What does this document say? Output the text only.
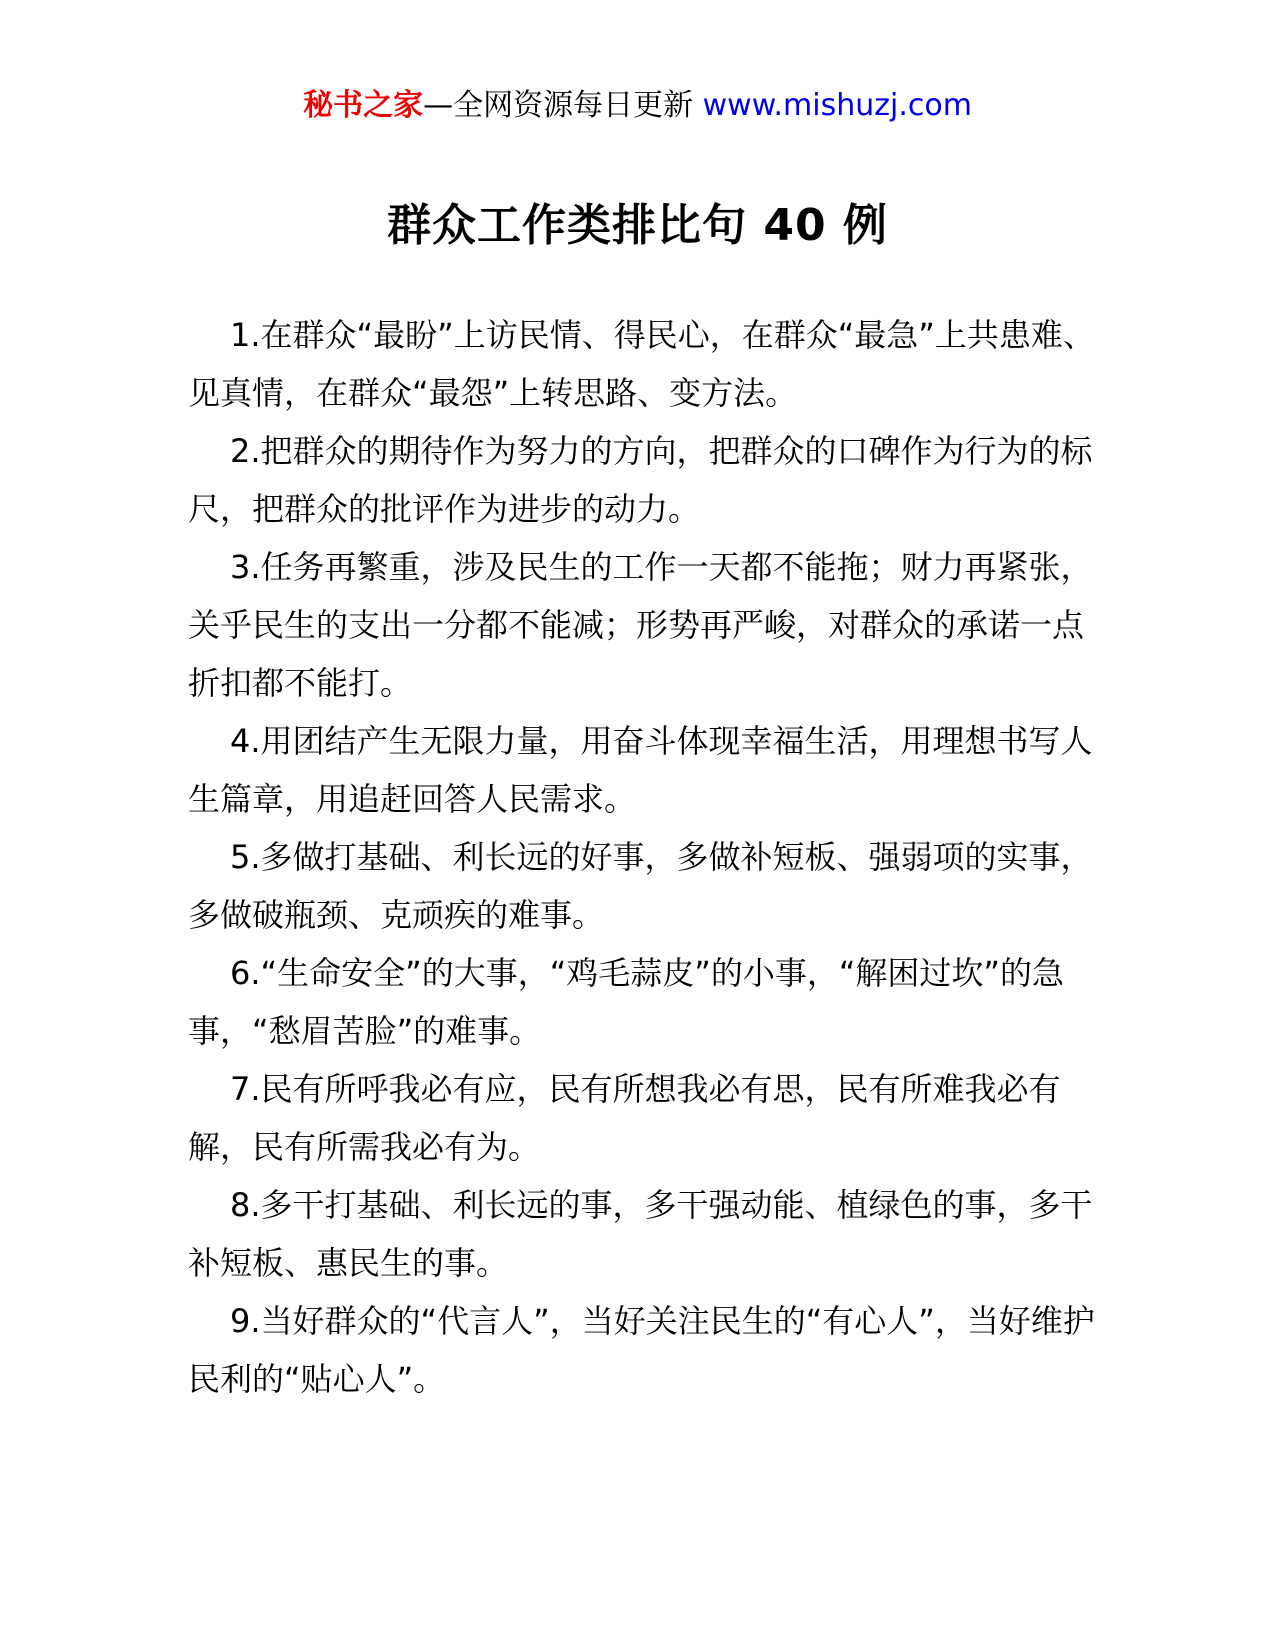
秘书之家—全网资源每日更新 www.mishuzj.com
群众工作类排比句 40 例

1.在群众“最盼”上访民情、得民心，在群众“最急”上共患难、见真情，在群众“最怨”上转思路、变方法。

2.把群众的期待作为努力的方向，把群众的口碑作为行为的标尺，把群众的批评作为进步的动力。

3.任务再繁重，涉及民生的工作一天都不能拖；财力再紧张，关乎民生的支出一分都不能减；形势再严峻，对群众的承诺一点折扣都不能打。

4.用团结产生无限力量，用奋斗体现幸福生活，用理想书写人生篇章，用追赶回答人民需求。

5.多做打基础、利长远的好事，多做补短板、强弱项的实事，多做破瓶颈、克顽疾的难事。

6.“生命安全”的大事，“鸡毛蒜皮”的小事，“解困过坎”的急事，“愁眉苦脸”的难事。

7.民有所呼我必有应，民有所想我必有思，民有所难我必有解，民有所需我必有为。

8.多干打基础、利长远的事，多干强动能、植绿色的事，多干补短板、惠民生的事。

9.当好群众的“代言人”，当好关注民生的“有心人”，当好维护民利的“贴心人”。
